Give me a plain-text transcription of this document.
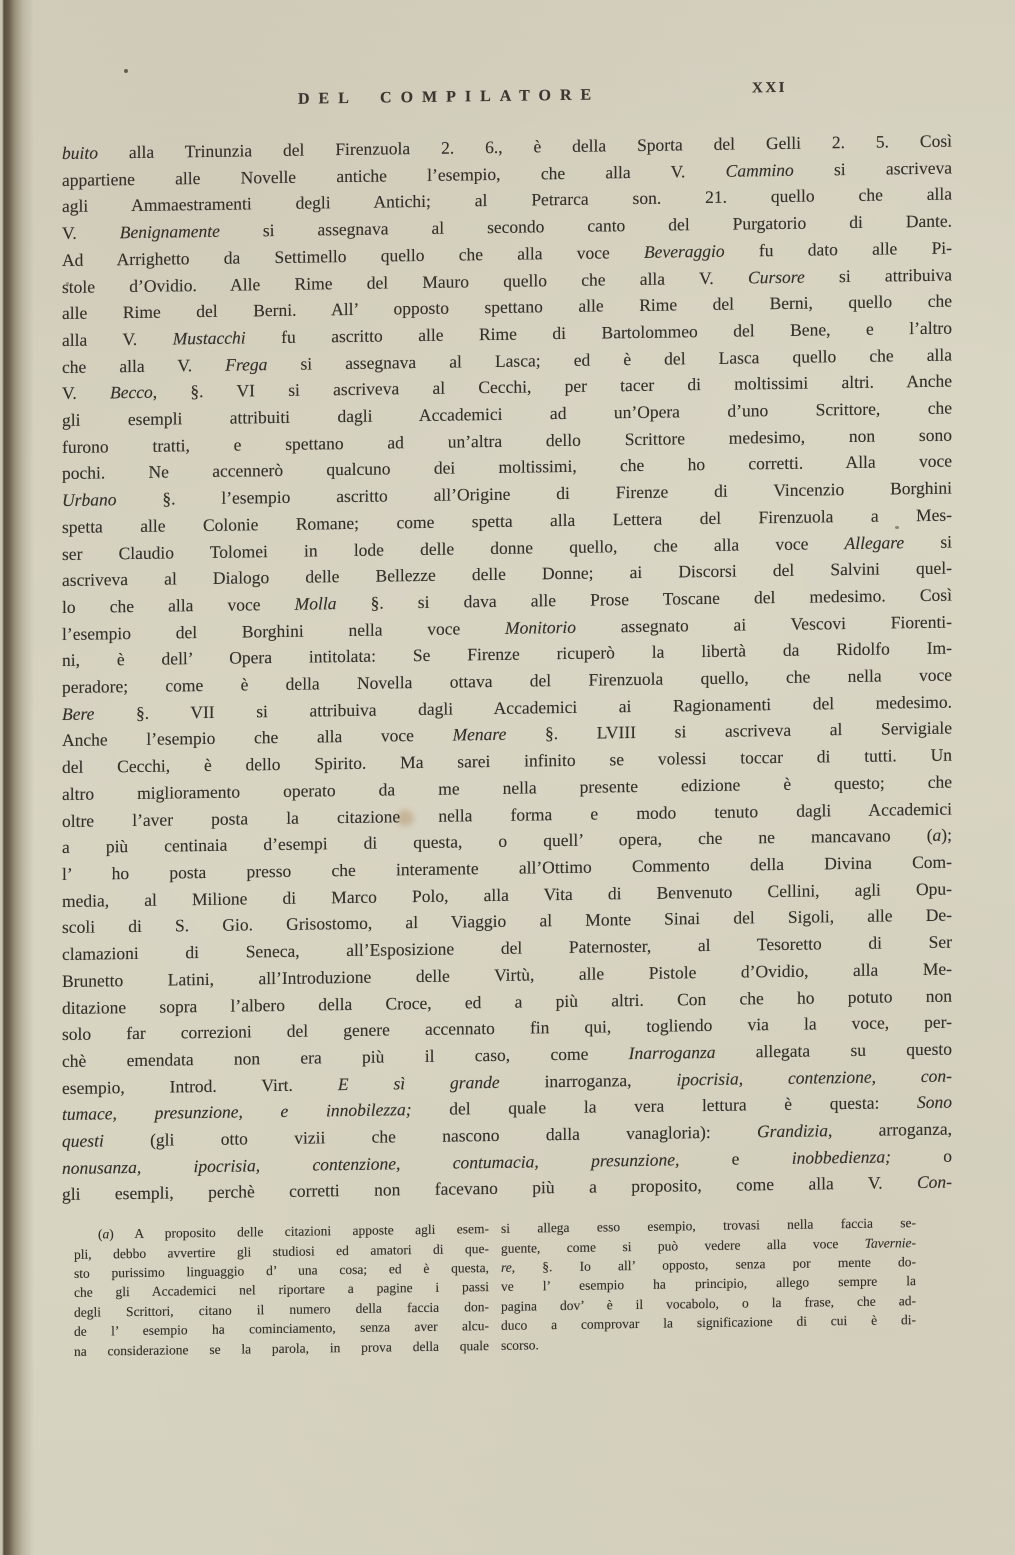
DEL COMPILATORE	XXI
buito alla Trinunzia del Firenzuola 2. 6., è della Sporta del Gelli 2. 5. Così
appartiene alle Novelle antiche l’esempio, che alla V. Cammino si ascriveva
agli Ammaestramenti degli Antichi; al Petrarca son. 21. quello che alla
V. Benignamente si assegnava al secondo canto del Purgatorio di Dante.
Ad Arrighetto da Settimello quello che alla voce Beveraggio fu dato alle Pi-
stole d’Ovidio. Alle Rime del Mauro quello che alla V. Cursore si attribuiva
alle Rime del Berni. All’ opposto spettano alle Rime del Berni, quello che
alla V. Mustacchi fu ascritto alle Rime di Bartolommeo del Bene, e l’altro
che alla V. Frega si assegnava al Lasca; ed è del Lasca quello che alla
V. Becco, §. VI si ascriveva al Cecchi, per tacer di moltissimi altri. Anche
gli esempli attribuiti dagli Accademici ad un’Opera d’uno Scrittore, che
furono tratti, e spettano ad un’altra dello Scrittore medesimo, non sono
pochi. Ne accennerò qualcuno dei moltissimi, che ho corretti. Alla voce
Urbano §. l’esempio ascritto all’Origine di Firenze di Vincenzio Borghini
spetta alle Colonie Romane; come spetta alla Lettera del Firenzuola a Mes-
ser Claudio Tolomei in lode delle donne quello, che alla voce Allegare si
ascriveva al Dialogo delle Bellezze delle Donne; ai Discorsi del Salvini quel-
lo che alla voce Molla §. si dava alle Prose Toscane del medesimo. Così
l’esempio del Borghini nella voce Monitorio assegnato ai Vescovi Fiorenti-
ni, è dell’ Opera intitolata: Se Firenze ricuperò la libertà da Ridolfo Im-
peradore; come è della Novella ottava del Firenzuola quello, che nella voce
Bere §. VII si attribuiva dagli Accademici ai Ragionamenti del medesimo.
Anche l’esempio che alla voce Menare §. LVIII si ascriveva al Servigiale
del Cecchi, è dello Spirito. Ma sarei infinito se volessi toccar di tutti. Un
altro miglioramento operato da me nella presente edizione è questo; che
oltre l’aver posta la citazione nella forma e modo tenuto dagli Accademici
a più centinaia d’esempi di questa, o quell’ opera, che ne mancavano (a);
l’ ho posta presso che interamente all’Ottimo Commento della Divina Com-
media, al Milione di Marco Polo, alla Vita di Benvenuto Cellini, agli Opu-
scoli di S. Gio. Grisostomo, al Viaggio al Monte Sinai del Sigoli, alle De-
clamazioni di Seneca, all’Esposizione del Paternoster, al Tesoretto di Ser
Brunetto Latini, all’Introduzione delle Virtù, alle Pistole d’Ovidio, alla Me-
ditazione sopra l’albero della Croce, ed a più altri. Con che ho potuto non
solo far correzioni del genere accennato fin qui, togliendo via la voce, per-
chè emendata non era più il caso, come Inarroganza allegata su questo
esempio, Introd. Virt. E sì grande inarroganza, ipocrisia, contenzione, con-
tumace, presunzione, e innobilezza; del quale la vera lettura è questa: Sono
questi (gli otto vizii che nascono dalla vanagloria): Grandizia, arroganza,
nonusanza, ipocrisia, contenzione, contumacia, presunzione, e inobbedienza; o
gli esempli, perchè corretti non facevano più a proposito, come alla V. Con-
(a) A proposito delle citazioni apposte agli esem-
pli, debbo avvertire gli studiosi ed amatori di que-
sto purissimo linguaggio d’ una cosa; ed è questa,
che gli Accademici nel riportare a pagine i passi
degli Scrittori, citano il numero della faccia don-
de l’ esempio ha cominciamento, senza aver alcu-
na considerazione se la parola, in prova della quale
si allega esso esempio, trovasi nella faccia se-
guente, come si può vedere alla voce Tavernie-
re, §. Io all’ opposto, senza por mente do-
ve l’ esempio ha principio, allego sempre la
pagina dov’ è il vocabolo, o la frase, che ad-
duco a comprovar la significazione di cui è di-
scorso.
